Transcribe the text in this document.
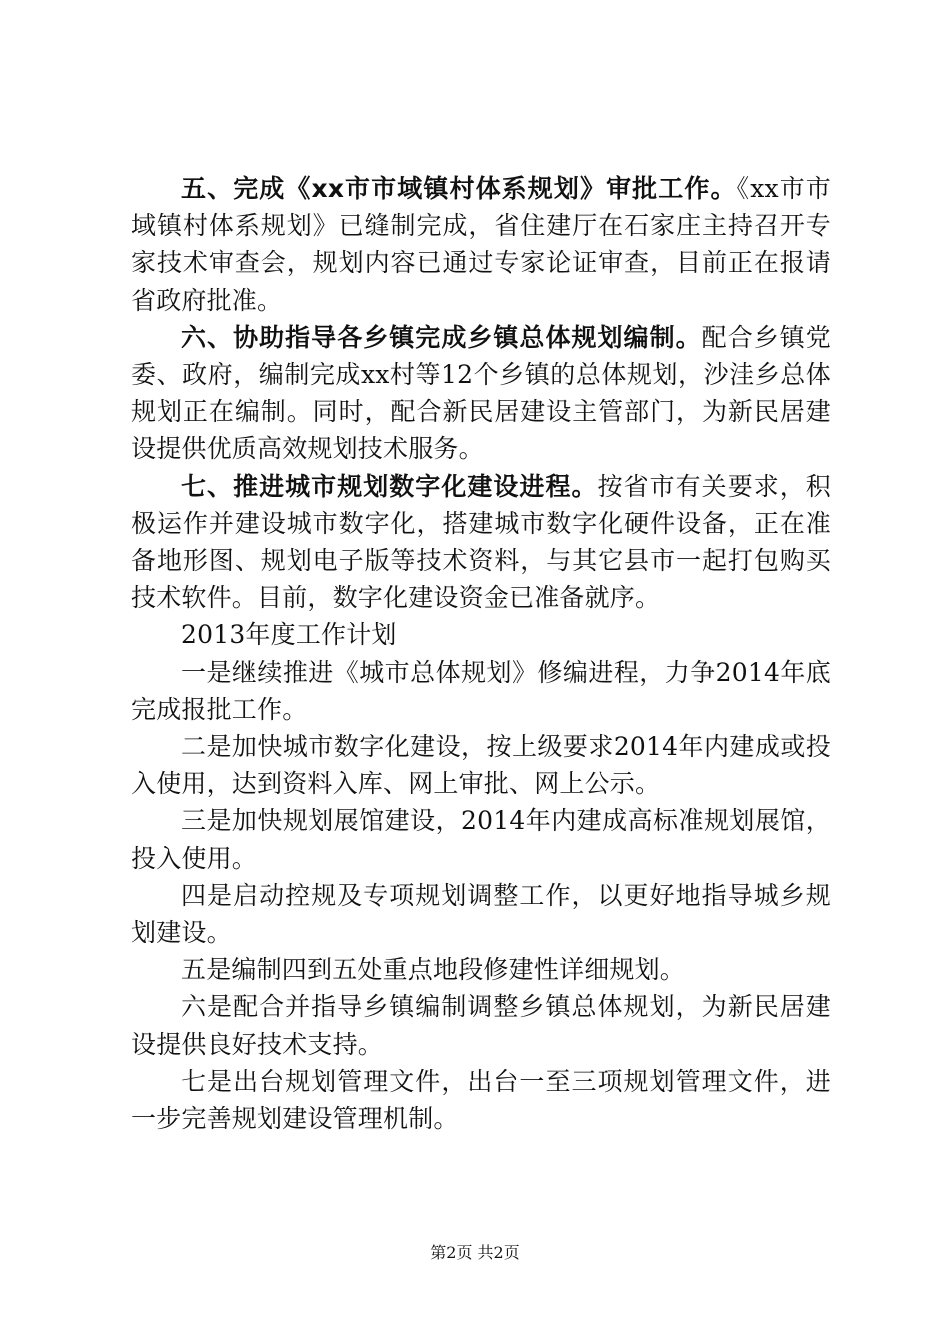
五、完成《xx市市域镇村体系规划》审批工作。《xx市市域镇村体系规划》已缝制完成，省住建厅在石家庄主持召开专家技术审查会，规划内容已通过专家论证审查，目前正在报请省政府批准。

六、协助指导各乡镇完成乡镇总体规划编制。配合乡镇党委、政府，编制完成xx村等12个乡镇的总体规划，沙洼乡总体规划正在编制。同时，配合新民居建设主管部门，为新民居建设提供优质高效规划技术服务。

七、推进城市规划数字化建设进程。按省市有关要求，积极运作并建设城市数字化，搭建城市数字化硬件设备，正在准备地形图、规划电子版等技术资料，与其它县市一起打包购买技术软件。目前，数字化建设资金已准备就序。

2013年度工作计划

一是继续推进《城市总体规划》修编进程，力争2014年底完成报批工作。

二是加快城市数字化建设，按上级要求2014年内建成或投入使用，达到资料入库、网上审批、网上公示。

三是加快规划展馆建设，2014年内建成高标准规划展馆，投入使用。

四是启动控规及专项规划调整工作，以更好地指导城乡规划建设。

五是编制四到五处重点地段修建性详细规划。

六是配合并指导乡镇编制调整乡镇总体规划，为新民居建设提供良好技术支持。

七是出台规划管理文件，出台一至三项规划管理文件，进一步完善规划建设管理机制。

第2页 共2页
